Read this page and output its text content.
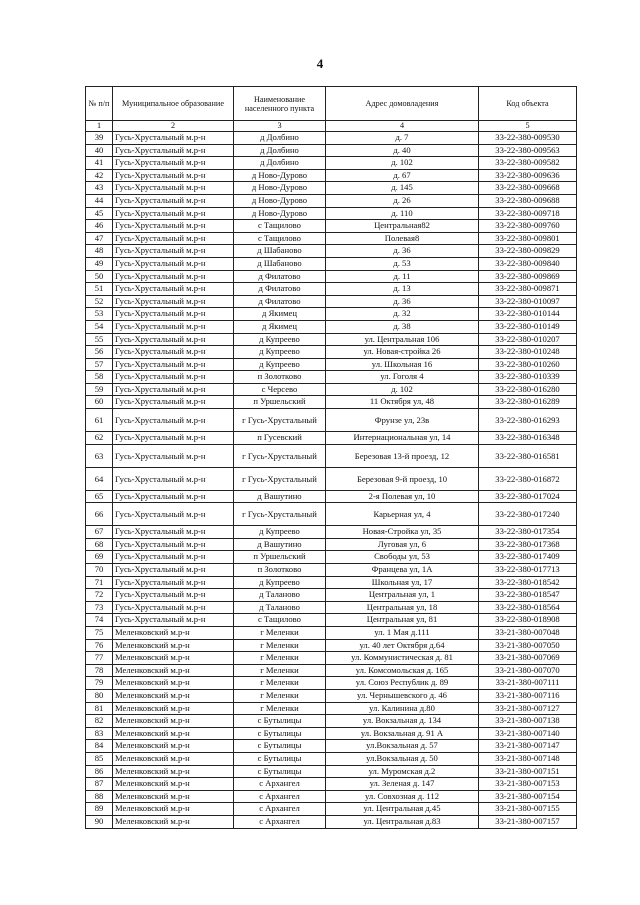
4
№ п/п	Муниципальное образование	Наименование населенного пункта	Адрес домовладения	Код объекта
1	2	3	4	5
39	Гусь-Хрустальный м.р-н	д Долбино	д. 7	33-22-380-009530
40	Гусь-Хрустальный м.р-н	д Долбино	д. 40	33-22-380-009563
41	Гусь-Хрустальный м.р-н	д Долбино	д. 102	33-22-380-009582
42	Гусь-Хрустальный м.р-н	д Ново-Дурово	д. 67	33-22-380-009636
43	Гусь-Хрустальный м.р-н	д Ново-Дурово	д. 145	33-22-380-009668
44	Гусь-Хрустальный м.р-н	д Ново-Дурово	д. 26	33-22-380-009688
45	Гусь-Хрустальный м.р-н	д Ново-Дурово	д. 110	33-22-380-009718
46	Гусь-Хрустальный м.р-н	с Тащилово	Центральная82	33-22-380-009760
47	Гусь-Хрустальный м.р-н	с Тащилово	Полевая8	33-22-380-009801
48	Гусь-Хрустальный м.р-н	д Шабаново	д. 36	33-22-380-009829
49	Гусь-Хрустальный м.р-н	д Шабаново	д. 53	33-22-380-009840
50	Гусь-Хрустальный м.р-н	д Филатово	д. 11	33-22-380-009869
51	Гусь-Хрустальный м.р-н	д Филатово	д. 13	33-22-380-009871
52	Гусь-Хрустальный м.р-н	д Филатово	д. 36	33-22-380-010097
53	Гусь-Хрустальный м.р-н	д Якимец	д. 32	33-22-380-010144
54	Гусь-Хрустальный м.р-н	д Якимец	д. 38	33-22-380-010149
55	Гусь-Хрустальный м.р-н	д Купреево	ул. Центральная 106	33-22-380-010207
56	Гусь-Хрустальный м.р-н	д Купреево	ул. Новая-стройка 26	33-22-380-010248
57	Гусь-Хрустальный м.р-н	д Купреево	ул. Школьная 16	33-22-380-010260
58	Гусь-Хрустальный м.р-н	п Золотково	ул. Гоголя 4	33-22-380-010339
59	Гусь-Хрустальный м.р-н	с Черсево	д. 102	33-22-380-016280
60	Гусь-Хрустальный м.р-н	п Уршельский	11 Октября ул, 48	33-22-380-016289
61	Гусь-Хрустальный м.р-н	г Гусь-Хрустальный	Фрунзе ул, 23в	33-22-380-016293
62	Гусь-Хрустальный м.р-н	п Гусевский	Интернациональная ул, 14	33-22-380-016348
63	Гусь-Хрустальный м.р-н	г Гусь-Хрустальный	Березовая 13-й проезд, 12	33-22-380-016581
64	Гусь-Хрустальный м.р-н	г Гусь-Хрустальный	Березовая 9-й проезд, 10	33-22-380-016872
65	Гусь-Хрустальный м.р-н	д Вашутино	2-я Полевая ул, 10	33-22-380-017024
66	Гусь-Хрустальный м.р-н	г Гусь-Хрустальный	Карьерная ул, 4	33-22-380-017240
67	Гусь-Хрустальный м.р-н	д Купреево	Новая-Стройка ул, 35	33-22-380-017354
68	Гусь-Хрустальный м.р-н	д Вашутино	Луговая ул, 6	33-22-380-017368
69	Гусь-Хрустальный м.р-н	п Уршельский	Свободы ул, 53	33-22-380-017409
70	Гусь-Хрустальный м.р-н	п Золотково	Францева ул, 1А	33-22-380-017713
71	Гусь-Хрустальный м.р-н	д Купреево	Школьная ул, 17	33-22-380-018542
72	Гусь-Хрустальный м.р-н	д Таланово	Центральная ул, 1	33-22-380-018547
73	Гусь-Хрустальный м.р-н	д Таланово	Центральная ул, 18	33-22-380-018564
74	Гусь-Хрустальный м.р-н	с Тащилово	Центральная ул, 81	33-22-380-018908
75	Меленковский м.р-н	г Меленки	ул. 1 Мая д.111	33-21-380-007048
76	Меленковский м.р-н	г Меленки	ул. 40 лет Октября д.64	33-21-380-007050
77	Меленковский м.р-н	г Меленки	ул. Коммунистическая д. 81	33-21-380-007069
78	Меленковский м.р-н	г Меленки	ул. Комсомольская д. 165	33-21-380-007070
79	Меленковский м.р-н	г Меленки	ул. Союз Республик д. 89	33-21-380-007111
80	Меленковский м.р-н	г Меленки	ул. Чернышевского д. 46	33-21-380-007116
81	Меленковский м.р-н	г Меленки	ул. Калинина д.80	33-21-380-007127
82	Меленковский м.р-н	с Бутылицы	ул. Вокзальная д. 134	33-21-380-007138
83	Меленковский м.р-н	с Бутылицы	ул. Вокзальная д. 91 А	33-21-380-007140
84	Меленковский м.р-н	с Бутылицы	ул.Вокзальная д. 57	33-21-380-007147
85	Меленковский м.р-н	с Бутылицы	ул.Вокзальная д. 50	33-21-380-007148
86	Меленковский м.р-н	с Бутылицы	ул. Муромская д.2	33-21-380-007151
87	Меленковский м.р-н	с Архангел	ул. Зеленая д. 147	33-21-380-007153
88	Меленковский м.р-н	с Архангел	ул. Совхозная д. 112	33-21-380-007154
89	Меленковский м.р-н	с Архангел	ул. Центральная д.45	33-21-380-007155
90	Меленковский м.р-н	с Архангел	ул. Центральная д.83	33-21-380-007157
